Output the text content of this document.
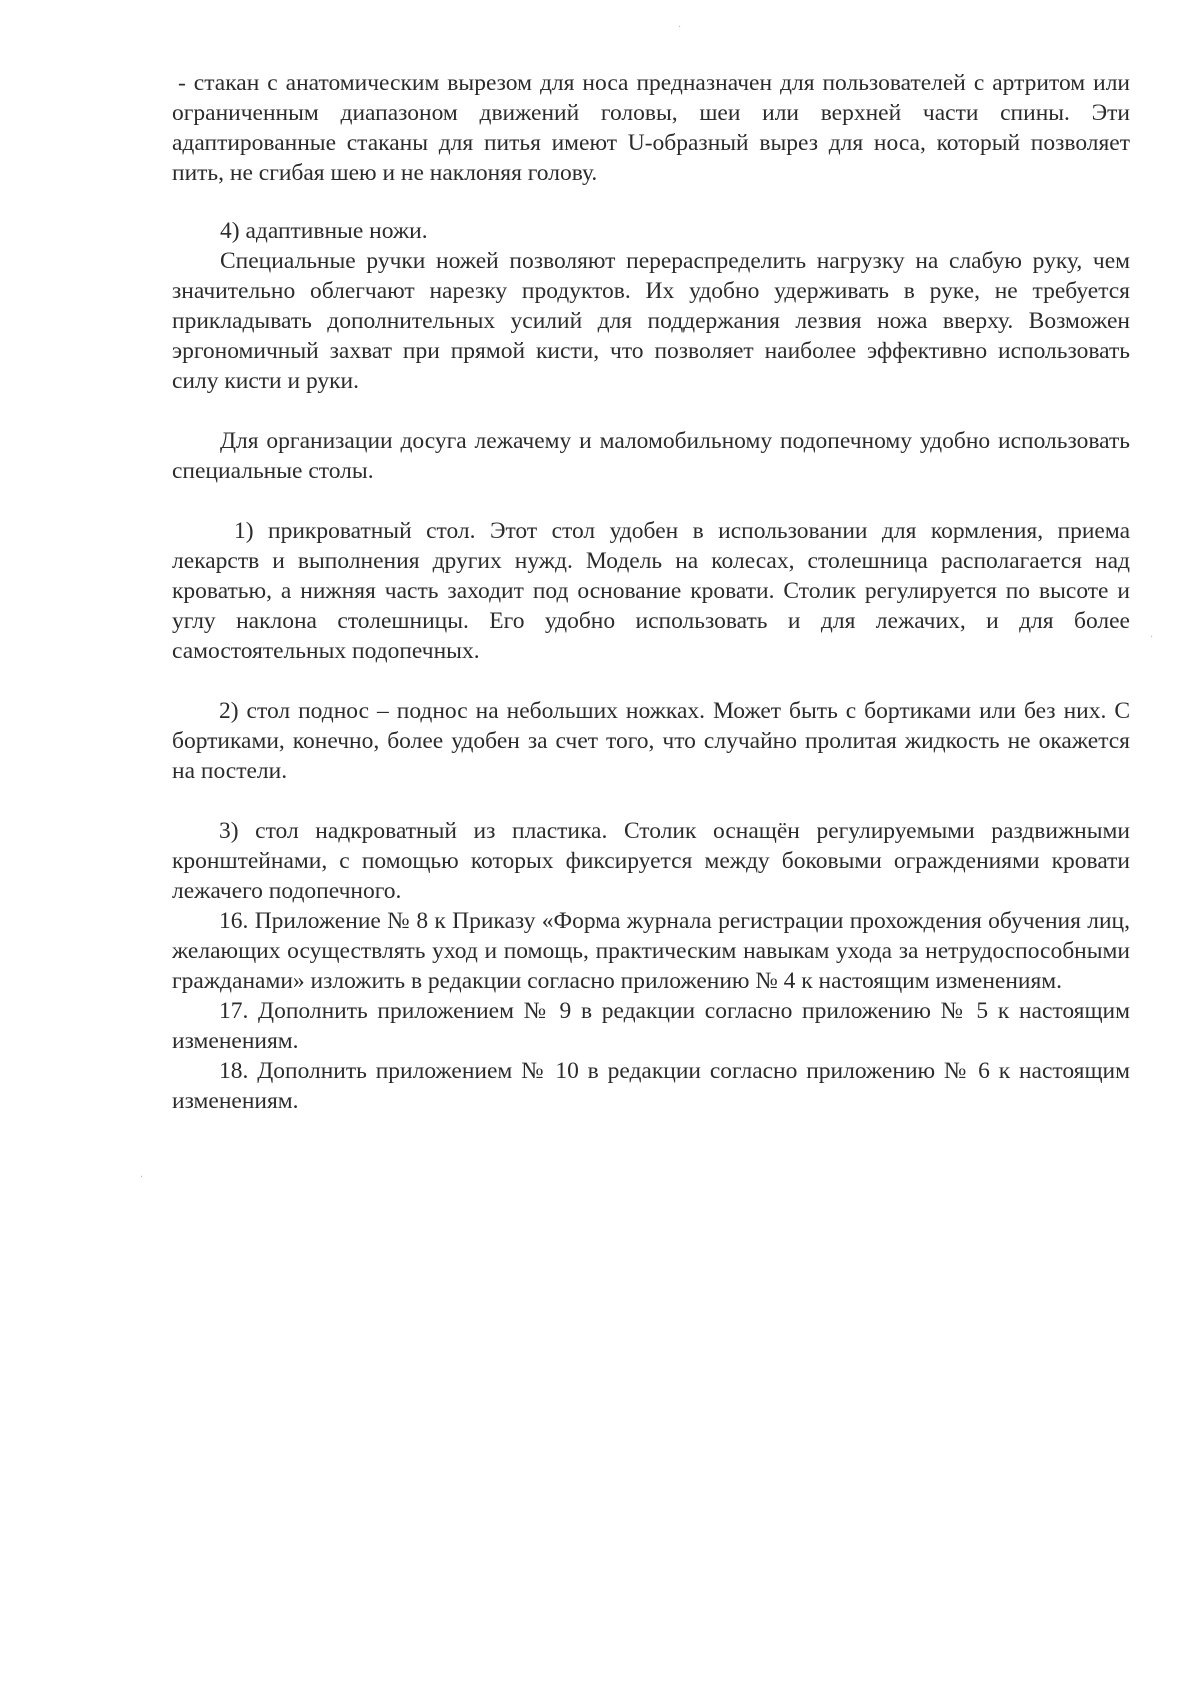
·
·
·

- стакан с анатомическим вырезом для носа предназначен для пользователей с артритом или ограниченным диапазоном движений головы, шеи или верхней части спины. Эти адаптированные стаканы для питья имеют U-образный вырез для носа, который позволяет пить, не сгибая шею и не наклоняя голову.

4) адаптивные ножи.

Специальные ручки ножей позволяют перераспределить нагрузку на слабую руку, чем значительно облегчают нарезку продуктов. Их удобно удерживать в руке, не требуется прикладывать дополнительных усилий для поддержания лезвия ножа вверху. Возможен эргономичный захват при прямой кисти, что позволяет наиболее эффективно использовать силу кисти и руки.

Для организации досуга лежачему и маломобильному подопечному удобно использовать специальные столы.

1) прикроватный стол. Этот стол удобен в использовании для кормления, приема лекарств и выполнения других нужд. Модель на колесах, столешница располагается над кроватью, а нижняя часть заходит под основание кровати. Столик регулируется по высоте и углу наклона столешницы. Его удобно использовать и для лежачих, и для более самостоятельных подопечных.

2) стол поднос – поднос на небольших ножках. Может быть с бортиками или без них. С бортиками, конечно, более удобен за счет того, что случайно пролитая жидкость не окажется на постели.

3) стол надкроватный из пластика. Столик оснащён регулируемыми раздвижными кронштейнами, с помощью которых фиксируется между боковыми ограждениями кровати лежачего подопечного.

16. Приложение № 8 к Приказу «Форма журнала регистрации прохождения обучения лиц, желающих осуществлять уход и помощь, практическим навыкам ухода за нетрудоспособными гражданами» изложить в редакции согласно приложению № 4 к настоящим изменениям.

17. Дополнить приложением № 9 в редакции согласно приложению № 5 к настоящим изменениям.

18. Дополнить приложением № 10 в редакции согласно приложению № 6 к настоящим изменениям.
